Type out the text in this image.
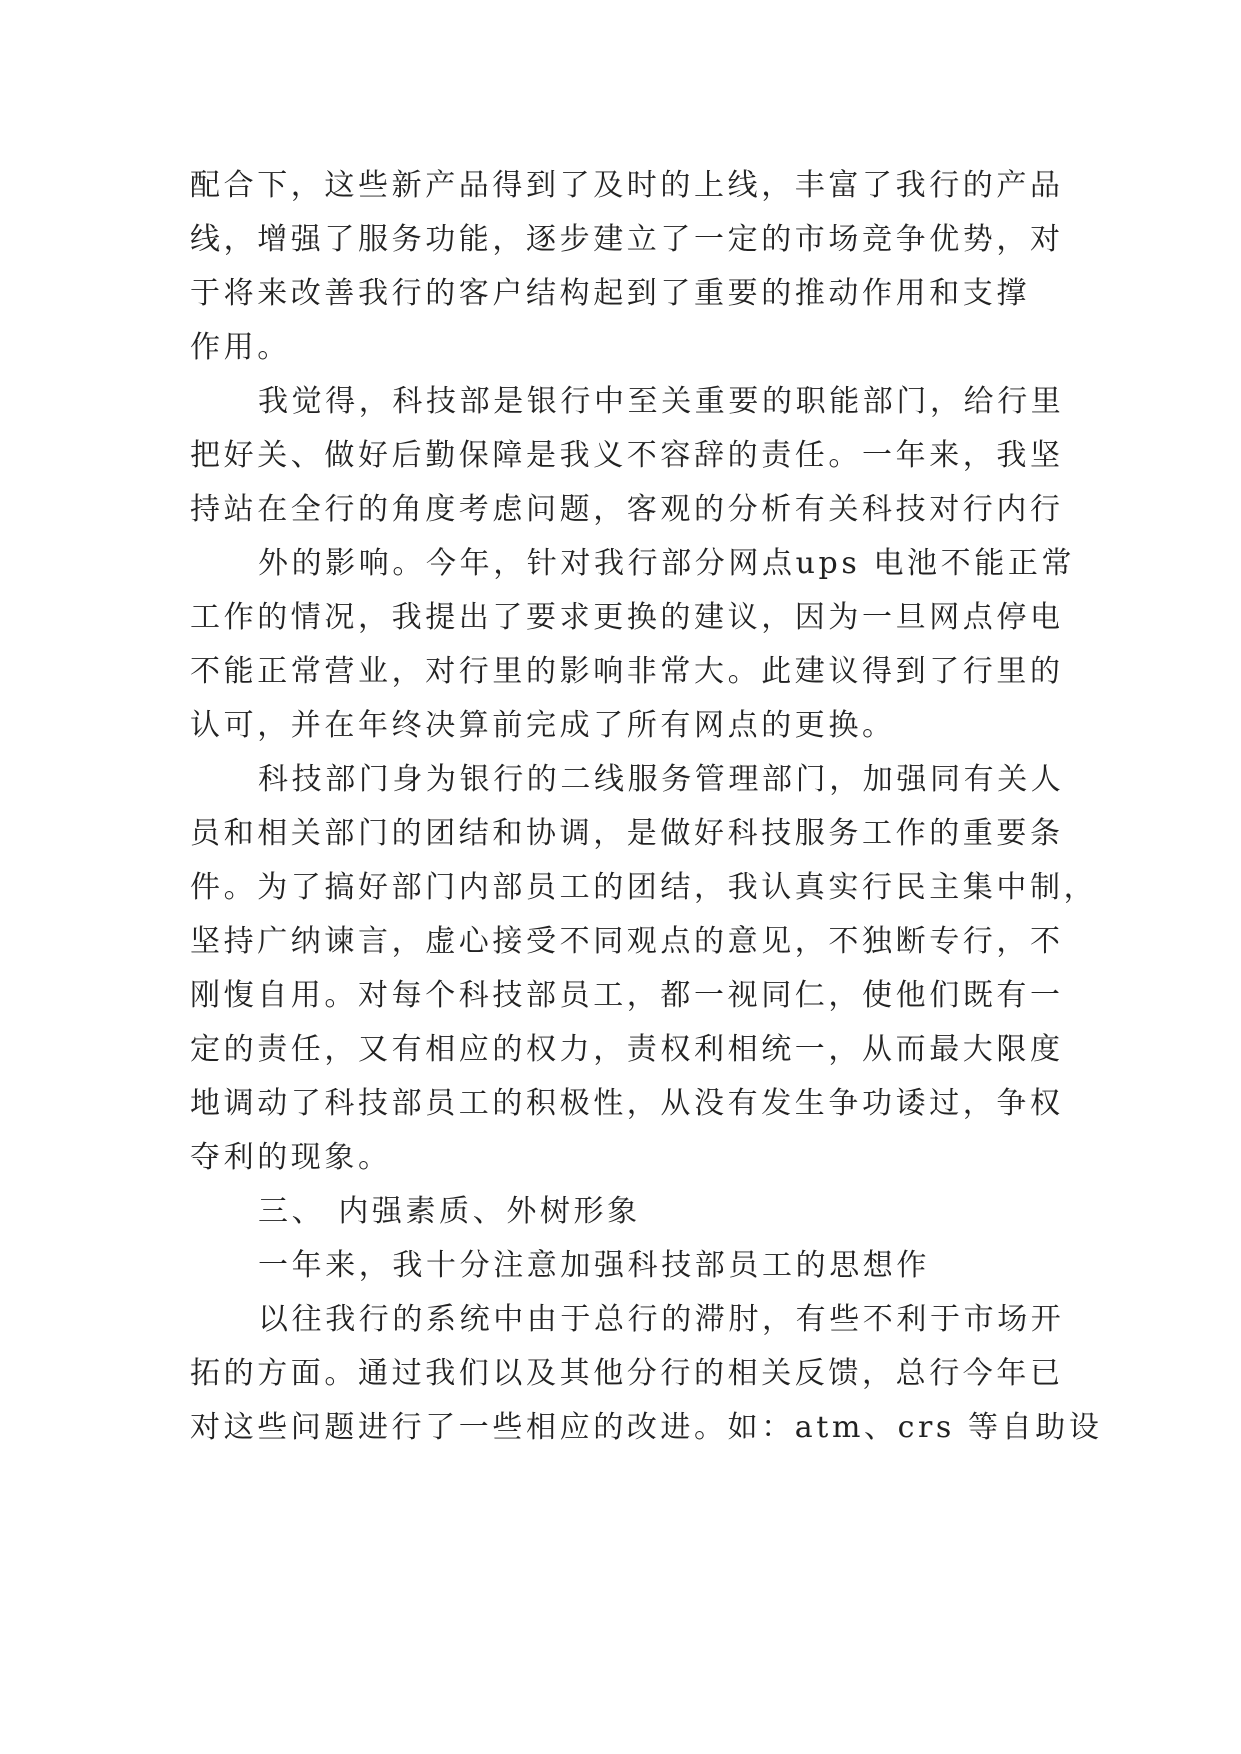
配合下，这些新产品得到了及时的上线，丰富了我行的产品
线，增强了服务功能，逐步建立了一定的市场竞争优势，对
于将来改善我行的客户结构起到了重要的推动作用和支撑
作用。
我觉得，科技部是银行中至关重要的职能部门，给行里
把好关、做好后勤保障是我义不容辞的责任。一年来，我坚
持站在全行的角度考虑问题，客观的分析有关科技对行内行
外的影响。今年，针对我行部分网点ups 电池不能正常
工作的情况，我提出了要求更换的建议，因为一旦网点停电
不能正常营业，对行里的影响非常大。此建议得到了行里的
认可，并在年终决算前完成了所有网点的更换。
科技部门身为银行的二线服务管理部门，加强同有关人
员和相关部门的团结和协调，是做好科技服务工作的重要条
件。为了搞好部门内部员工的团结，我认真实行民主集中制，
坚持广纳谏言，虚心接受不同观点的意见，不独断专行，不
刚愎自用。对每个科技部员工，都一视同仁，使他们既有一
定的责任，又有相应的权力，责权利相统一，从而最大限度
地调动了科技部员工的积极性，从没有发生争功诿过，争权
夺利的现象。
三、 内强素质、外树形象
一年来，我十分注意加强科技部员工的思想作
以往我行的系统中由于总行的滞肘，有些不利于市场开
拓的方面。通过我们以及其他分行的相关反馈，总行今年已
对这些问题进行了一些相应的改进。如：atm、crs 等自助设
